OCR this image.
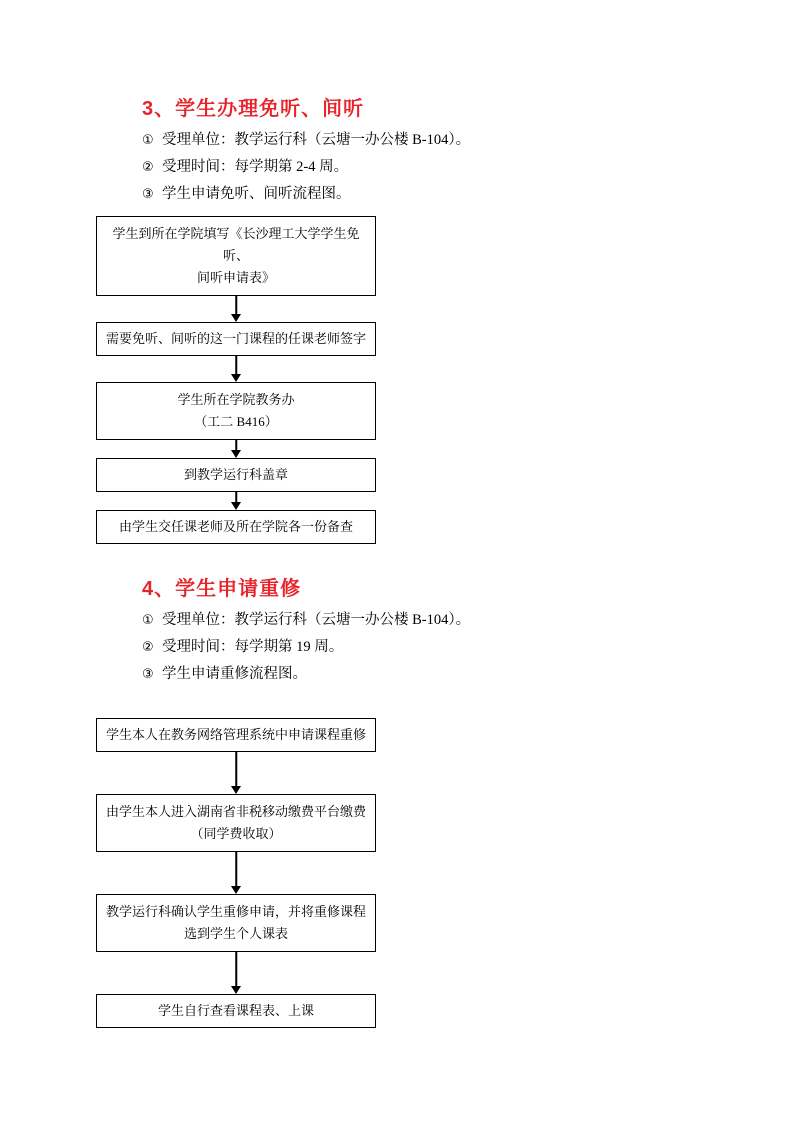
3、学生办理免听、间听
① 受理单位：教学运行科（云塘一办公楼 B-104）。
② 受理时间：每学期第 2-4 周。
③ 学生申请免听、间听流程图。
学生到所在学院填写《长沙理工大学学生免听、
间听申请表》
需要免听、间听的这一门课程的任课老师签字
学生所在学院教务办
（工二 B416）
到教学运行科盖章
由学生交任课老师及所在学院各一份备查
4、学生申请重修
① 受理单位：教学运行科（云塘一办公楼 B-104）。
② 受理时间：每学期第 19 周。
③ 学生申请重修流程图。
学生本人在教务网络管理系统中申请课程重修
由学生本人进入湖南省非税移动缴费平台缴费
（同学费收取）
教学运行科确认学生重修申请，并将重修课程
选到学生个人课表
学生自行查看课程表、上课
